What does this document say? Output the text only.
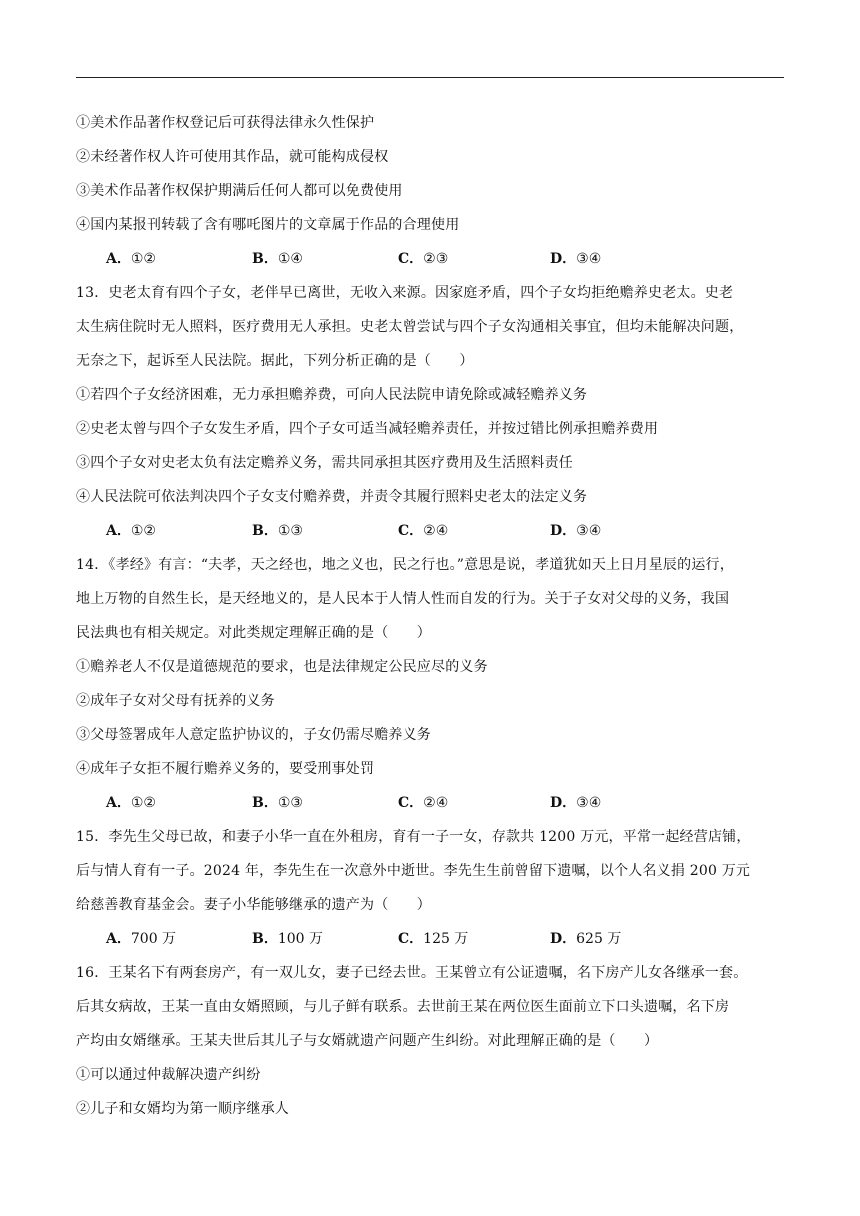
①美术作品著作权登记后可获得法律永久性保护
②未经著作权人许可使用其作品，就可能构成侵权
③美术作品著作权保护期满后任何人都可以免费使用
④国内某报刊转载了含有哪吒图片的文章属于作品的合理使用
A．①②	B．①④	C．②③	D．③④
13．史老太育有四个子女，老伴早已离世，无收入来源。因家庭矛盾，四个子女均拒绝赡养史老太。史老
太生病住院时无人照料，医疗费用无人承担。史老太曾尝试与四个子女沟通相关事宜，但均未能解决问题，
无奈之下，起诉至人民法院。据此，下列分析正确的是（　　）
①若四个子女经济困难，无力承担赡养费，可向人民法院申请免除或减轻赡养义务
②史老太曾与四个子女发生矛盾，四个子女可适当减轻赡养责任，并按过错比例承担赡养费用
③四个子女对史老太负有法定赡养义务，需共同承担其医疗费用及生活照料责任
④人民法院可依法判决四个子女支付赡养费，并责令其履行照料史老太的法定义务
A．①②	B．①③	C．②④	D．③④
14．《孝经》有言：“夫孝，天之经也，地之义也，民之行也。”意思是说，孝道犹如天上日月星辰的运行，
地上万物的自然生长，是天经地义的，是人民本于人情人性而自发的行为。关于子女对父母的义务，我国
民法典也有相关规定。对此类规定理解正确的是（　　）
①赡养老人不仅是道德规范的要求，也是法律规定公民应尽的义务
②成年子女对父母有抚养的义务
③父母签署成年人意定监护协议的，子女仍需尽赡养义务
④成年子女拒不履行赡养义务的，要受刑事处罚
A．①②	B．①③	C．②④	D．③④
15．李先生父母已故，和妻子小华一直在外租房，育有一子一女，存款共 1200 万元，平常一起经营店铺，
后与情人育有一子。2024 年，李先生在一次意外中逝世。李先生生前曾留下遗嘱，以个人名义捐 200 万元
给慈善教育基金会。妻子小华能够继承的遗产为（　　）
A．700 万	B．100 万	C．125 万	D．625 万
16．王某名下有两套房产，有一双儿女，妻子已经去世。王某曾立有公证遗嘱，名下房产儿女各继承一套。
后其女病故，王某一直由女婿照顾，与儿子鲜有联系。去世前王某在两位医生面前立下口头遗嘱，名下房
产均由女婿继承。王某夫世后其儿子与女婿就遗产问题产生纠纷。对此理解正确的是（　　）
①可以通过仲裁解决遗产纠纷
②儿子和女婿均为第一顺序继承人
